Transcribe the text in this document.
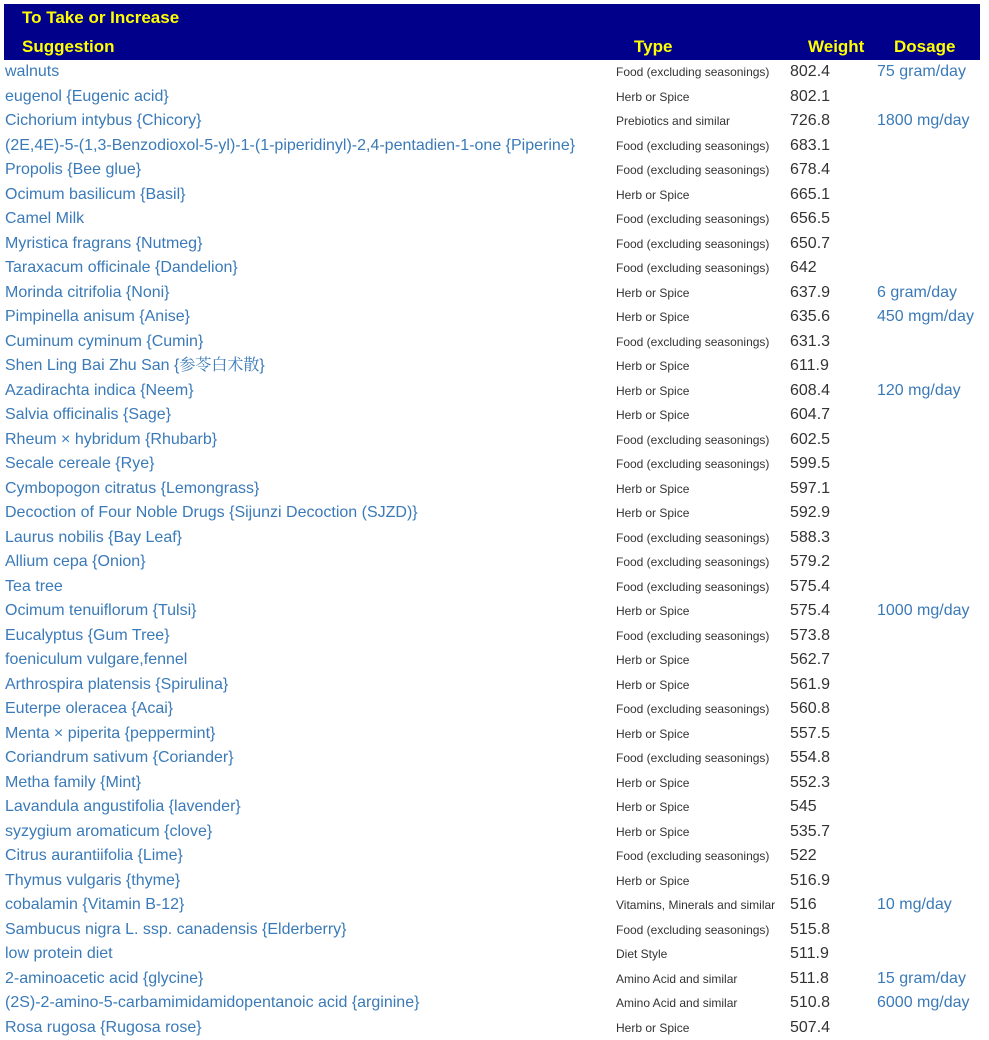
To Take or Increase
Suggestion	Type	Weight Dosage
walnuts	Food (excluding seasonings) 802.4	75 gram/day
eugenol {Eugenic acid}	Herb or Spice	802.1
Cichorium intybus {Chicory}	Prebiotics and similar	726.8	1800 mg/day
(2E,4E)-5-(1,3-Benzodioxol-5-yl)-1-(1-piperidinyl)-2,4-pentadien-1-one {Piperine}	Food (excluding seasonings) 683.1
Propolis {Bee glue}	Food (excluding seasonings) 678.4
Ocimum basilicum {Basil}	Herb or Spice	665.1
Camel Milk	Food (excluding seasonings) 656.5
Myristica fragrans {Nutmeg}	Food (excluding seasonings) 650.7
Taraxacum officinale {Dandelion}	Food (excluding seasonings) 642
Morinda citrifolia {Noni}	Herb or Spice	637.9	6 gram/day
Pimpinella anisum {Anise}	Herb or Spice	635.6	450 mgm/day
Cuminum cyminum {Cumin}	Food (excluding seasonings) 631.3
Shen Ling Bai Zhu San {参苓白术散}	Herb or Spice	611.9
Azadirachta indica {Neem}	Herb or Spice	608.4	120 mg/day
Salvia officinalis {Sage}	Herb or Spice	604.7
Rheum × hybridum {Rhubarb}	Food (excluding seasonings) 602.5
Secale cereale {Rye}	Food (excluding seasonings) 599.5
Cymbopogon citratus {Lemongrass}	Herb or Spice	597.1
Decoction of Four Noble Drugs {Sijunzi Decoction (SJZD)}	Herb or Spice	592.9
Laurus nobilis {Bay Leaf}	Food (excluding seasonings) 588.3
Allium cepa {Onion}	Food (excluding seasonings) 579.2
Tea tree	Food (excluding seasonings) 575.4
Ocimum tenuiflorum {Tulsi}	Herb or Spice	575.4	1000 mg/day
Eucalyptus {Gum Tree}	Food (excluding seasonings) 573.8
foeniculum vulgare,fennel	Herb or Spice	562.7
Arthrospira platensis {Spirulina}	Herb or Spice	561.9
Euterpe oleracea {Acai}	Food (excluding seasonings) 560.8
Menta × piperita {peppermint}	Herb or Spice	557.5
Coriandrum sativum {Coriander}	Food (excluding seasonings) 554.8
Metha family {Mint}	Herb or Spice	552.3
Lavandula angustifolia {lavender}	Herb or Spice	545
syzygium aromaticum {clove}	Herb or Spice	535.7
Citrus aurantiifolia {Lime}	Food (excluding seasonings) 522
Thymus vulgaris {thyme}	Herb or Spice	516.9
cobalamin {Vitamin B-12}	Vitamins, Minerals and similar 516	10 mg/day
Sambucus nigra L. ssp. canadensis {Elderberry}	Food (excluding seasonings) 515.8
low protein diet	Diet Style	511.9
2-aminoacetic acid {glycine}	Amino Acid and similar	511.8	15 gram/day
(2S)-2-amino-5-carbamimidamidopentanoic acid {arginine}	Amino Acid and similar	510.8	6000 mg/day
Rosa rugosa {Rugosa rose}	Herb or Spice	507.4
